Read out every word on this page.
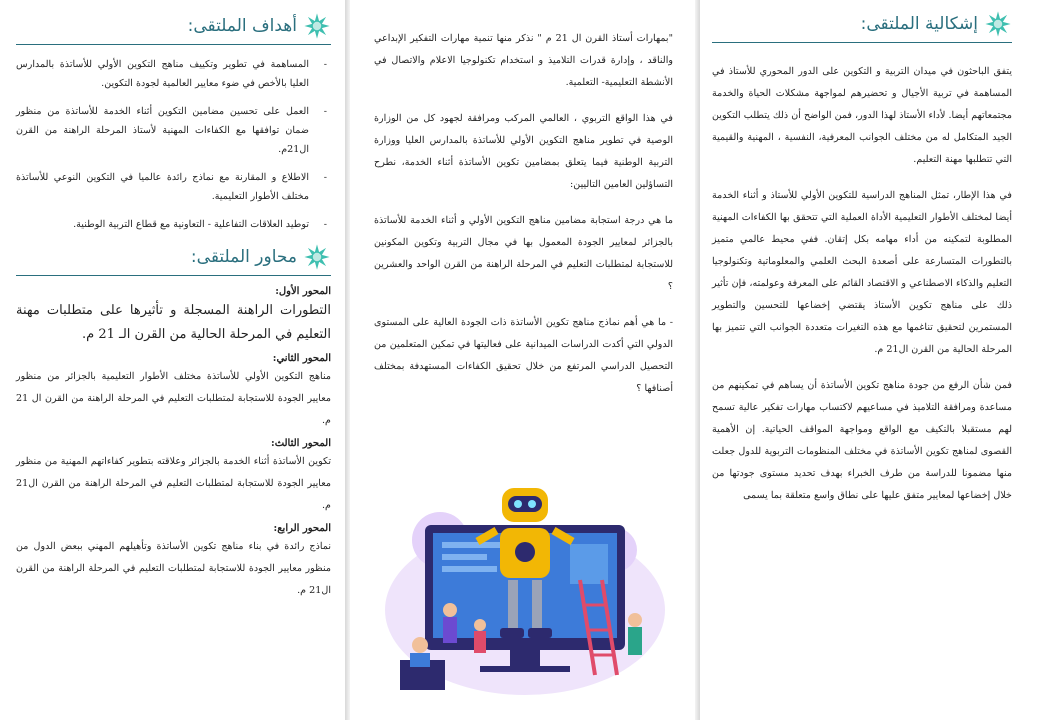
أهداف الملتقى:
-
المساهمة في تطوير وتكييف مناهج التكوين الأولي للأساتذة بالمدارس العليا بالأخص في ضوء معايير العالمية لجودة التكوين.
-
العمل على تحسين مضامين التكوين أثناء الخدمة للأساتذة من منظور ضمان توافقها مع الكفاءات المهنية لأستاذ المرحلة الراهنة من القرن ال21م.
-
الاطلاع و المقارنة مع نماذج رائدة عالميا في التكوين النوعي للأساتذة مختلف الأطوار التعليمية.
-
توطيد العلاقات التفاعلية - التعاونية مع قطاع التربية الوطنية.
محاور الملتقى:
المحور الأول:

التطورات الراهنة المسجلة و تأثيرها على متطلبات مهنة التعليم في المرحلة الحالية من القرن الـ 21 م.

المحور الثاني:

مناهج التكوين الأولي للأساتذة مختلف الأطوار التعليمية بالجزائر من منظور معايير الجودة للاستجابة لمتطلبات التعليم في المرحلة الراهنة من القرن ال 21 م.

المحور الثالث:

تكوين الأساتذة أثناء الخدمة بالجزائر وعلاقته بتطوير كفاءاتهم المهنية من منظور معايير الجودة للاستجابة لمتطلبات التعليم في المرحلة الراهنة من القرن ال21 م.

المحور الرابع:

نماذج رائدة في بناء مناهج تكوين الأساتذة وتأهيلهم المهني ببعض الدول من منظور معايير الجودة للاستجابة لمتطلبات التعليم في المرحلة الراهنة من القرن ال21 م.

"بمهارات أستاذ القرن ال 21 م " نذكر منها تنمية مهارات التفكير الإبداعي والناقد ، وإدارة قدرات التلاميذ و استخدام تكنولوجيا الاعلام والاتصال في الأنشطة التعليمية- التعلمية.

في هذا الواقع التربوي ، العالمي المركب ومرافقة لجهود كل من الوزارة الوصية في تطوير مناهج التكوين الأولي للأساتذة بالمدارس العليا ووزارة التربية الوطنية فيما يتعلق بمضامين تكوين الأساتذة أثناء الخدمة، نطرح التساؤلين العامين التاليين:

ما هي درجة استجابة مضامين مناهج التكوين الأولي و أثناء الخدمة للأساتذة بالجزائر لمعايير الجودة المعمول بها في مجال التربية وتكوين المكونين للاستجابة لمتطلبات التعليم في المرحلة الراهنة من القرن الواحد والعشرين ؟

- ما هي أهم نماذج مناهج تكوين الأساتذة ذات الجودة العالية على المستوى الدولي التي أكدت الدراسات الميدانية على فعاليتها في تمكين المتعلمين من التحصيل الدراسي المرتفع من خلال تحقيق الكفاءات المستهدفة بمختلف أصنافها ؟

إشكالية الملتقى:

يتفق الباحثون في ميدان التربية و التكوين على الدور المحوري للأستاذ في المساهمة في تربية الأجيال و تحضيرهم لمواجهة مشكلات الحياة والخدمة مجتمعاتهم أيضا. لأداء الأستاذ لهذا الدور، فمن الواضح أن ذلك يتطلب التكوين الجيد المتكامل له من مختلف الجوانب المعرفية، النفسية ، المهنية والقيمية التي تتطلبها مهنة التعليم.

في هذا الإطار، تمثل المناهج الدراسية للتكوين الأولي للأستاذ و أثناء الخدمة أيضا لمختلف الأطوار التعليمية الأداة العملية التي تتحقق بها الكفاءات المهنية المطلوبة لتمكينه من أداء مهامه بكل إتقان. ففي محيط عالمي متميز بالتطورات المتسارعة على أصعدة البحث العلمي والمعلوماتية وتكنولوجيا التعليم والذكاء الاصطناعي و الاقتصاد القائم على المعرفة وعولمته، فإن تأثير ذلك على مناهج تكوين الأستاذ يقتضي إخضاعها للتحسين والتطوير المستمرين لتحقيق تناغمها مع هذه التغيرات متعددة الجوانب التي تتميز بها المرحلة الحالية من القرن ال21 م.

فمن شأن الرفع من جودة مناهج تكوين الأساتذة أن يساهم في تمكينهم من مساعدة ومرافقة التلاميذ في مساعيهم لاكتساب مهارات تفكير عالية تسمح لهم مستقبلا بالتكيف مع الواقع ومواجهة المواقف الحياتية. إن الأهمية القصوى لمناهج تكوين الأساتذة في مختلف المنظومات التربوية للدول جعلت منها مضمونا للدراسة من طرف الخبراء بهدف تحديد مستوى جودتها من خلال إخضاعها لمعايير متفق عليها على نطاق واسع متعلقة بما يسمى
